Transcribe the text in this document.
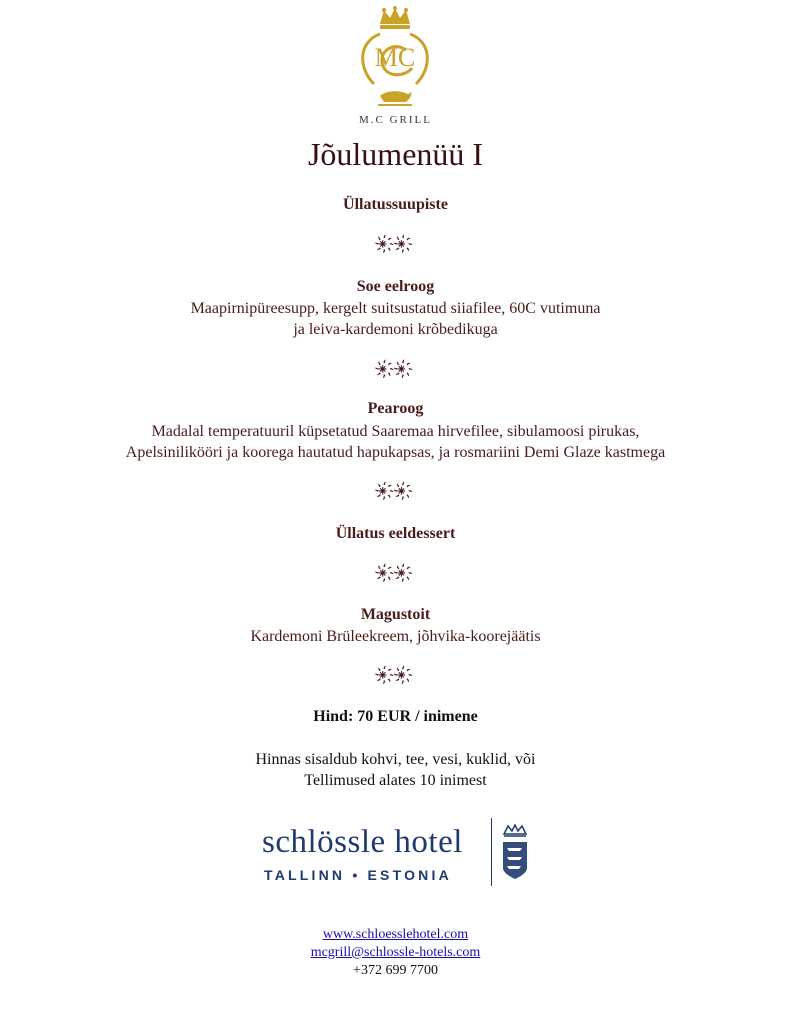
MC
M.C GRILL
Jõulumenüü I
Üllatussuupiste
⁕҉⁕҉
Soe eelroog
Maapirnipüreesupp, kergelt suitsustatud siiafilee, 60C vutimuna
ja leiva-kardemoni krõbedikuga
⁕҉⁕҉
Pearoog
Madalal temperatuuril küpsetatud Saaremaa hirvefilee, sibulamoosi pirukas,
Apelsinilikööri ja koorega hautatud hapukapsas, ja rosmariini Demi Glaze kastmega
⁕҉⁕҉
Üllatus eeldessert
⁕҉⁕҉
Magustoit
Kardemoni Brüleekreem, jõhvika-koorejäätis
⁕҉⁕҉
Hind: 70 EUR / inimene
Hinnas sisaldub kohvi, tee, vesi, kuklid, või
Tellimused alates 10 inimest
schlössle hotel
TALLINN • ESTONIA
www.schloesslehotel.com
mcgrill@schlossle-hotels.com
+372 699 7700
